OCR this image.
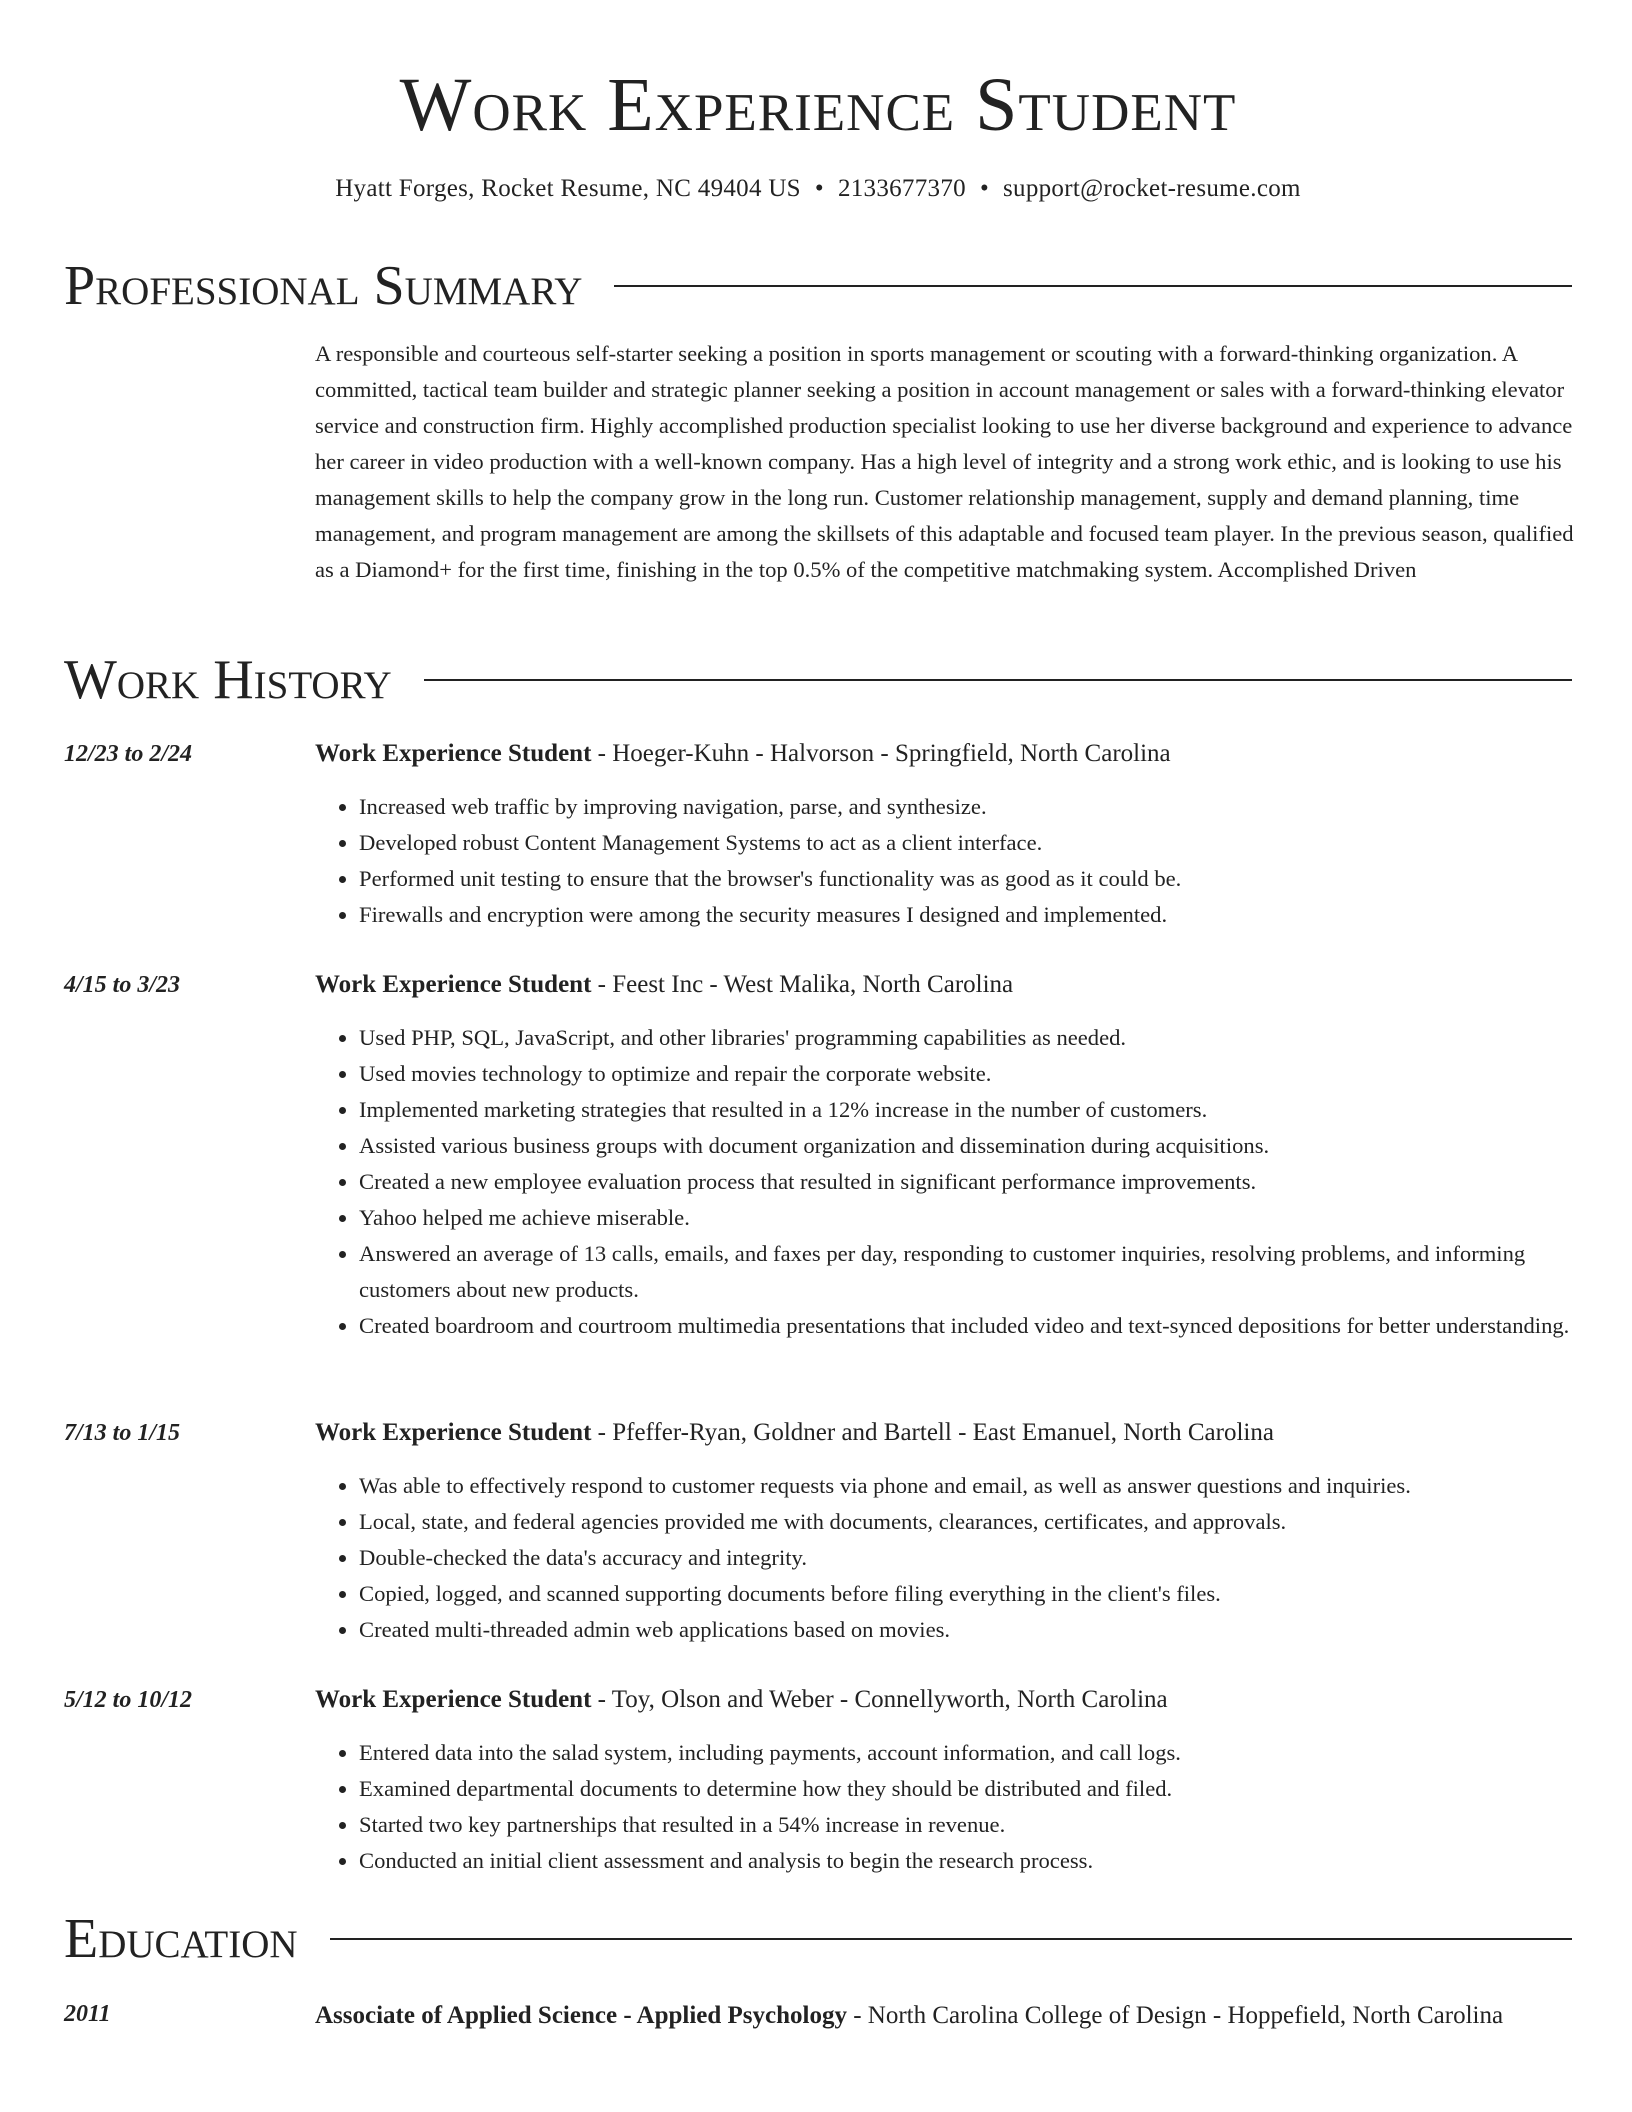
Work Experience Student
Hyatt Forges, Rocket Resume, NC 49404 US • 2133677370 • support@rocket-resume.com
Professional Summary

A responsible and courteous self-starter seeking a position in sports management or scouting with a forward-thinking organization. A committed, tactical team builder and strategic planner seeking a position in account management or sales with a forward-thinking elevator service and construction firm. Highly accomplished production specialist looking to use her diverse background and experience to advance her career in video production with a well-known company. Has a high level of integrity and a strong work ethic, and is looking to use his management skills to help the company grow in the long run. Customer relationship management, supply and demand planning, time management, and program management are among the skillsets of this adaptable and focused team player. In the previous season, qualified as a Diamond+ for the first time, finishing in the top 0.5% of the competitive matchmaking system. Accomplished Driven

Work History
12/23 to 2/24	Work Experience Student - Hoeger-Kuhn - Halvorson - Springfield, North Carolina
• Increased web traffic by improving navigation, parse, and synthesize.
• Developed robust Content Management Systems to act as a client interface.
• Performed unit testing to ensure that the browser's functionality was as good as it could be.
• Firewalls and encryption were among the security measures I designed and implemented.
4/15 to 3/23	Work Experience Student - Feest Inc - West Malika, North Carolina
• Used PHP, SQL, JavaScript, and other libraries' programming capabilities as needed.
• Used movies technology to optimize and repair the corporate website.
• Implemented marketing strategies that resulted in a 12% increase in the number of customers.
• Assisted various business groups with document organization and dissemination during acquisitions.
• Created a new employee evaluation process that resulted in significant performance improvements.
• Yahoo helped me achieve miserable.
• Answered an average of 13 calls, emails, and faxes per day, responding to customer inquiries, resolving problems, and informing customers about new products.
• Created boardroom and courtroom multimedia presentations that included video and text-synced depositions for better understanding.
7/13 to 1/15	Work Experience Student - Pfeffer-Ryan, Goldner and Bartell - East Emanuel, North Carolina
• Was able to effectively respond to customer requests via phone and email, as well as answer questions and inquiries.
• Local, state, and federal agencies provided me with documents, clearances, certificates, and approvals.
• Double-checked the data's accuracy and integrity.
• Copied, logged, and scanned supporting documents before filing everything in the client's files.
• Created multi-threaded admin web applications based on movies.
5/12 to 10/12	Work Experience Student - Toy, Olson and Weber - Connellyworth, North Carolina
• Entered data into the salad system, including payments, account information, and call logs.
• Examined departmental documents to determine how they should be distributed and filed.
• Started two key partnerships that resulted in a 54% increase in revenue.
• Conducted an initial client assessment and analysis to begin the research process.
Education
2011	Associate of Applied Science - Applied Psychology - North Carolina College of Design - Hoppefield, North Carolina
